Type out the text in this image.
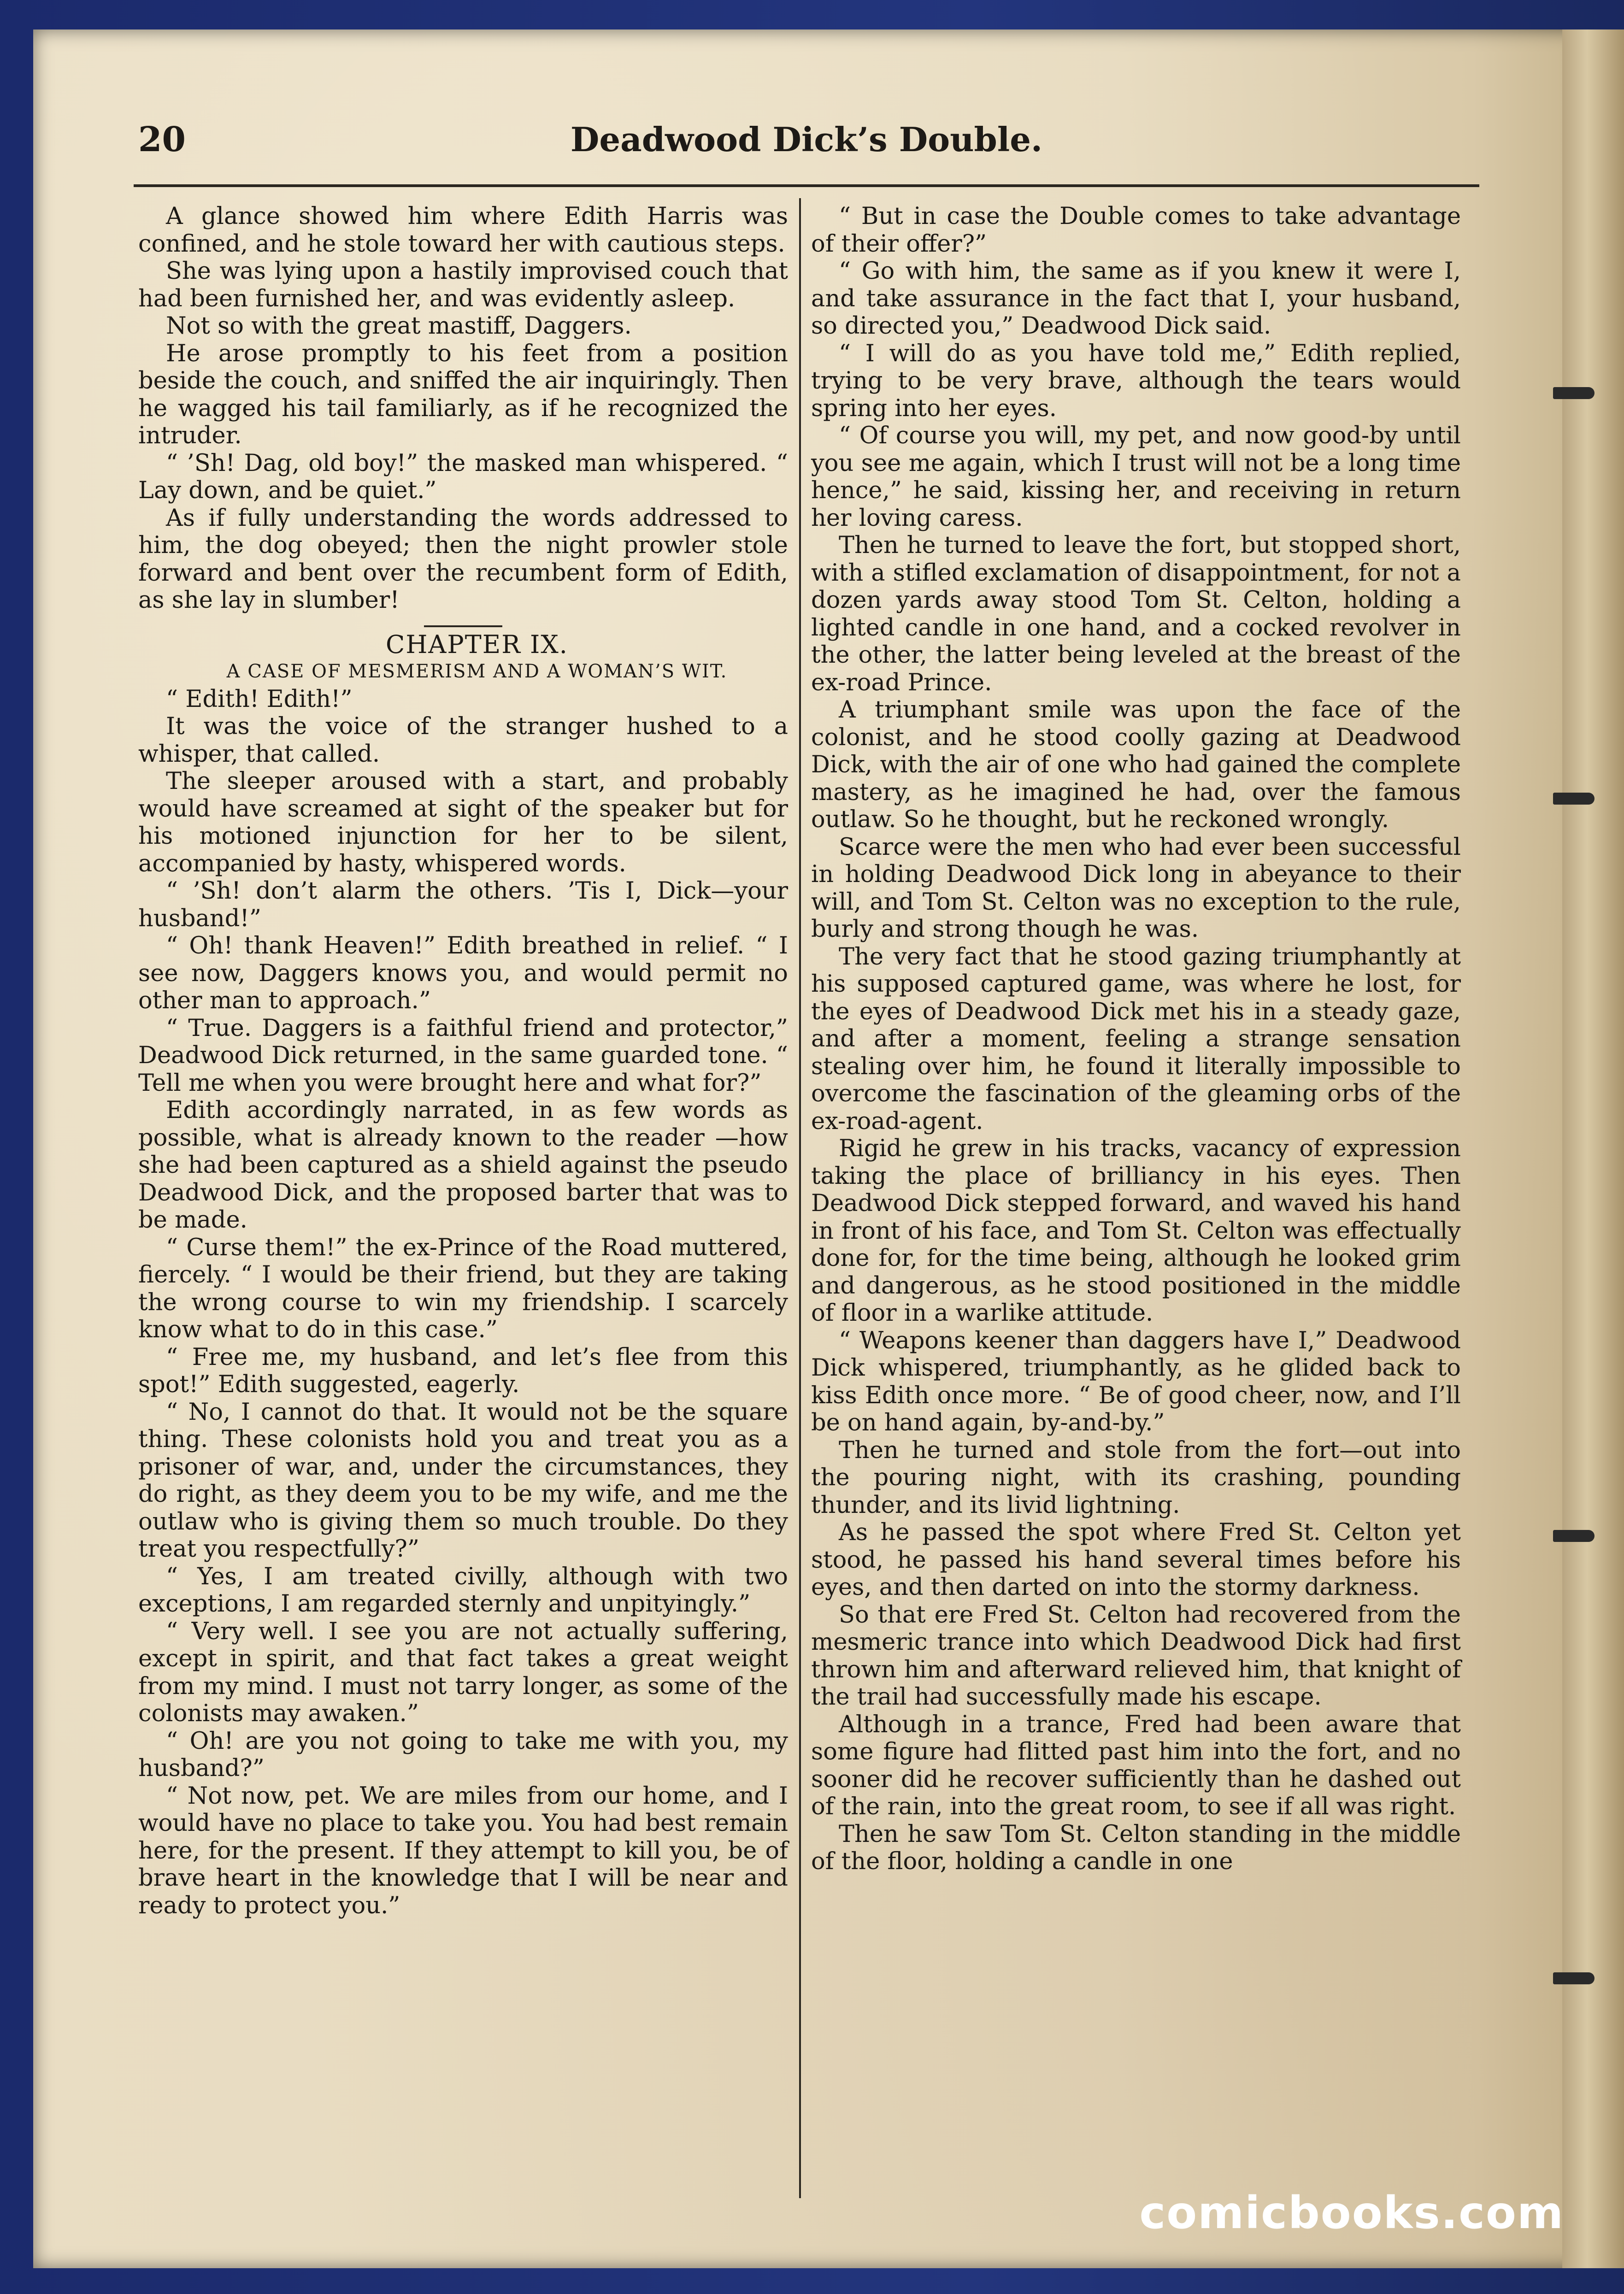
20	Deadwood Dick’s Double.

A glance showed him where Edith Harris was confined, and he stole toward her with cautious steps.

She was lying upon a hastily improvised couch that had been furnished her, and was evidently asleep.

Not so with the great mastiff, Daggers.

He arose promptly to his feet from a position beside the couch, and sniffed the air inquiringly. Then he wagged his tail familiarly, as if he recognized the intruder.

“ ’Sh! Dag, old boy!” the masked man whispered. “ Lay down, and be quiet.”

As if fully understanding the words addressed to him, the dog obeyed; then the night prowler stole forward and bent over the recumbent form of Edith, as she lay in slumber!

CHAPTER IX.

A CASE OF MESMERISM AND A WOMAN’S WIT.

“ Edith! Edith!”

It was the voice of the stranger hushed to a whisper, that called.

The sleeper aroused with a start, and probably would have screamed at sight of the speaker but for his motioned injunction for her to be silent, accompanied by hasty, whispered words.

“ ’Sh! don’t alarm the others. ’Tis I, Dick—your husband!”

“ Oh! thank Heaven!” Edith breathed in relief. “ I see now, Daggers knows you, and would permit no other man to approach.”

“ True. Daggers is a faithful friend and protector,” Deadwood Dick returned, in the same guarded tone. “ Tell me when you were brought here and what for?”

Edith accordingly narrated, in as few words as possible, what is already known to the reader —how she had been captured as a shield against the pseudo Deadwood Dick, and the proposed barter that was to be made.

“ Curse them!” the ex-Prince of the Road muttered, fiercely. “ I would be their friend, but they are taking the wrong course to win my friendship. I scarcely know what to do in this case.”

“ Free me, my husband, and let’s flee from this spot!” Edith suggested, eagerly.

“ No, I cannot do that. It would not be the square thing. These colonists hold you and treat you as a prisoner of war, and, under the circumstances, they do right, as they deem you to be my wife, and me the outlaw who is giving them so much trouble. Do they treat you respectfully?”

“ Yes, I am treated civilly, although with two exceptions, I am regarded sternly and unpityingly.”

“ Very well. I see you are not actually suffering, except in spirit, and that fact takes a great weight from my mind. I must not tarry longer, as some of the colonists may awaken.”

“ Oh! are you not going to take me with you, my husband?”

“ Not now, pet. We are miles from our home, and I would have no place to take you. You had best remain here, for the present. If they attempt to kill you, be of brave heart in the knowledge that I will be near and ready to protect you.”

“ But in case the Double comes to take advantage of their offer?”

“ Go with him, the same as if you knew it were I, and take assurance in the fact that I, your husband, so directed you,” Deadwood Dick said.

“ I will do as you have told me,” Edith replied, trying to be very brave, although the tears would spring into her eyes.

“ Of course you will, my pet, and now good-by until you see me again, which I trust will not be a long time hence,” he said, kissing her, and receiving in return her loving caress.

Then he turned to leave the fort, but stopped short, with a stifled exclamation of disappointment, for not a dozen yards away stood Tom St. Celton, holding a lighted candle in one hand, and a cocked revolver in the other, the latter being leveled at the breast of the ex-road Prince.

A triumphant smile was upon the face of the colonist, and he stood coolly gazing at Deadwood Dick, with the air of one who had gained the complete mastery, as he imagined he had, over the famous outlaw. So he thought, but he reckoned wrongly.

Scarce were the men who had ever been successful in holding Deadwood Dick long in abeyance to their will, and Tom St. Celton was no exception to the rule, burly and strong though he was.

The very fact that he stood gazing triumphantly at his supposed captured game, was where he lost, for the eyes of Deadwood Dick met his in a steady gaze, and after a moment, feeling a strange sensation stealing over him, he found it literally impossible to overcome the fascination of the gleaming orbs of the ex-road-agent.

Rigid he grew in his tracks, vacancy of expression taking the place of brilliancy in his eyes. Then Deadwood Dick stepped forward, and waved his hand in front of his face, and Tom St. Celton was effectually done for, for the time being, although he looked grim and dangerous, as he stood positioned in the middle of floor in a warlike attitude.

“ Weapons keener than daggers have I,” Deadwood Dick whispered, triumphantly, as he glided back to kiss Edith once more. “ Be of good cheer, now, and I’ll be on hand again, by-and-by.”

Then he turned and stole from the fort—out into the pouring night, with its crashing, pounding thunder, and its livid lightning.

As he passed the spot where Fred St. Celton yet stood, he passed his hand several times before his eyes, and then darted on into the stormy darkness.

So that ere Fred St. Celton had recovered from the mesmeric trance into which Deadwood Dick had first thrown him and afterward relieved him, that knight of the trail had successfully made his escape.

Although in a trance, Fred had been aware that some figure had flitted past him into the fort, and no sooner did he recover sufficiently than he dashed out of the rain, into the great room, to see if all was right.

Then he saw Tom St. Celton standing in the middle of the floor, holding a candle in one

comicbooks.com
